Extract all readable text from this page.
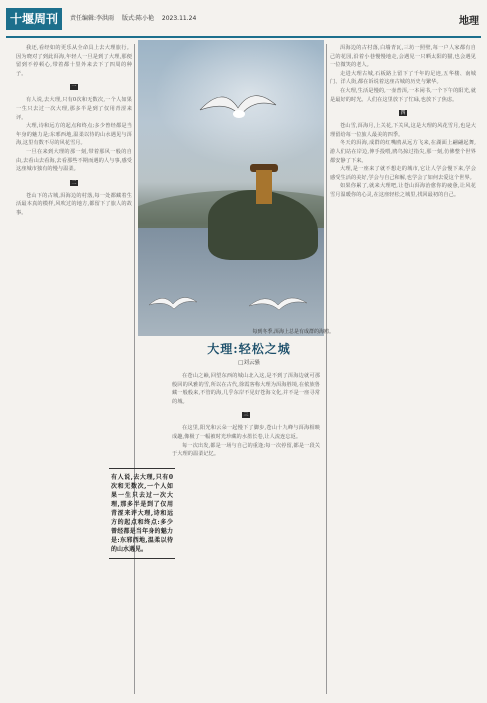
十堰周刊	责任编辑:李洪雨 版式:陈小艳 2023.11.24	地理

我还,看经如的更乐从全命具上去大理旅行。因为晓对了到此洱海,年轻人一旦是到了大理,那便留到不停顿心,带着都十里外来去下了四周的种子。

一

有人说,去大理,只有0次和无数次,一个人如果一生只去过一次大理,那多半是到了仅用青涩来评。

大理,诗和远方的起点和终点;多少曾经都是当年身的魅力是;东邪西地,温柔以待的山水遇见与洱海,这里有数不尽的风花雪月。

一旦在来到大理的那一刻,带着那风一般的自由,去看山去看海,去看那些不期而遇的人与事,感受这座城市独有的慢与温柔。

二

苍山下的古城,洱海边的村落,每一处都藏着生活最本真的模样,风吹过的地方,都留下了旅人的故事。

每到冬季,洱海上总是有成群的海鸥。
大理:轻松之城
□刘云骚
有人说,去大理,只有0次和无数次,一个人如果一生只去过一次大理,那多半是到了仅用青涩来评大理,诗和远方的起点和终点:多少曾经都是当年身的魅力是:东邪西地,温柔以待的山水遇见。

在苍山之巅,回望东西的城山北入这,是不到了洱海边就可那般回的风雅的雪,所以在古代,徐霞客称大理为洱海胜境,在侬族鲁藏一般般来,不管的海,几乎东岸不见好苍海文化,并不是一座寻常的城。

三

在这里,阳光和云朵一起慢下了脚步,苍山十九峰与洱海相映成趣,像极了一幅被时光珍藏的水墨长卷,让人流连忘返。

每一次出发,都是一场与自己的重逢;每一次停留,都是一段关于大理的温柔记忆。

洱海边的古村落,白墙青瓦,三坊一照壁,每一户人家都有自己的花园,沿着小巷慢慢地走,会遇见一只晒太阳的猫,也会遇见一位微笑的老人。

走进大理古城,石板路上留下了千年的足迹,五华楼、南城门、洋人街,都在诉说着这座古城的历史与繁华。

在大理,生活是慢的,一壶普洱,一本闲书,一个下午的阳光,就是最好的时光。人们在这里放下了忙碌,也放下了焦虑。

四

苍山雪,洱海月,上关花,下关风,这是大理的风花雪月,也是大理留给每一位旅人最美的四季。

冬天的洱海,成群的红嘴鸥从远方飞来,在湖面上翩翩起舞,游人们站在岸边,伸手投喂,鸥鸟掠过指尖,那一刻,仿佛整个世界都安静了下来。

大理,是一座来了就不想走的城市,它让人学会慢下来,学会感受生活的美好,学会与自己和解,也学会了如何去爱这个世界。

如果你累了,就来大理吧,让苍山洱海治愈你的疲惫,让风花雪月温暖你的心灵,在这座轻松之城里,找回最初的自己。
